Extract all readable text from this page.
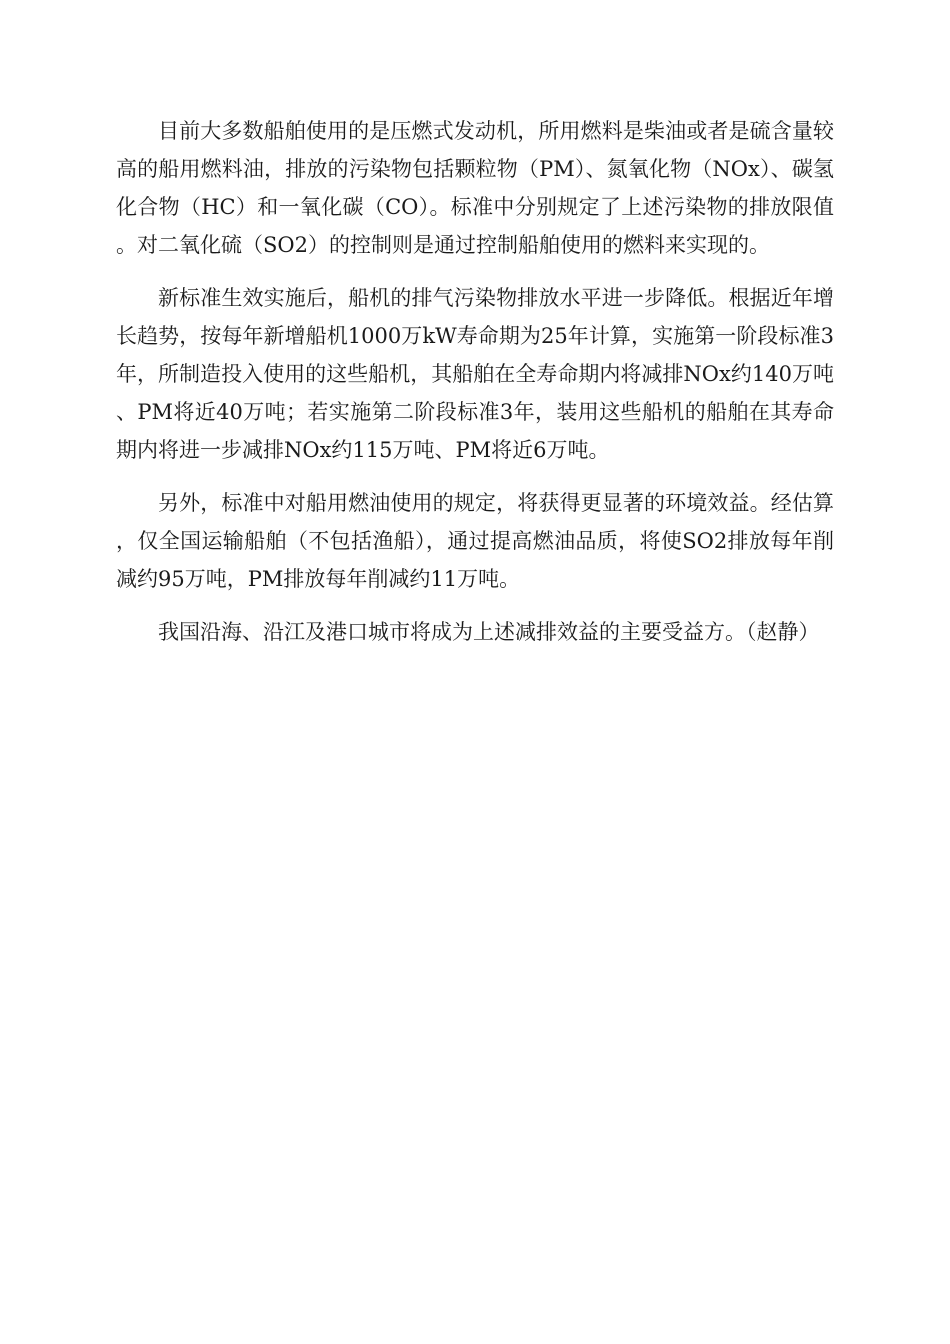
目前大多数船舶使用的是压燃式发动机，所用燃料是柴油或者是硫含量较高的船用燃料油，排放的污染物包括颗粒物（PM）、氮氧化物（NOx）、碳氢化合物（HC）和一氧化碳（CO）。标准中分别规定了上述污染物的排放限值。对二氧化硫（SO2）的控制则是通过控制船舶使用的燃料来实现的。

新标准生效实施后，船机的排气污染物排放水平进一步降低。根据近年增长趋势，按每年新增船机1000万kW寿命期为25年计算，实施第一阶段标准3年，所制造投入使用的这些船机，其船舶在全寿命期内将减排NOx约140万吨、PM将近40万吨；若实施第二阶段标准3年，装用这些船机的船舶在其寿命期内将进一步减排NOx约115万吨、PM将近6万吨。

另外，标准中对船用燃油使用的规定，将获得更显著的环境效益。经估算，仅全国运输船舶（不包括渔船），通过提高燃油品质，将使SO2排放每年削减约95万吨，PM排放每年削减约11万吨。

我国沿海、沿江及港口城市将成为上述减排效益的主要受益方。（赵静）
